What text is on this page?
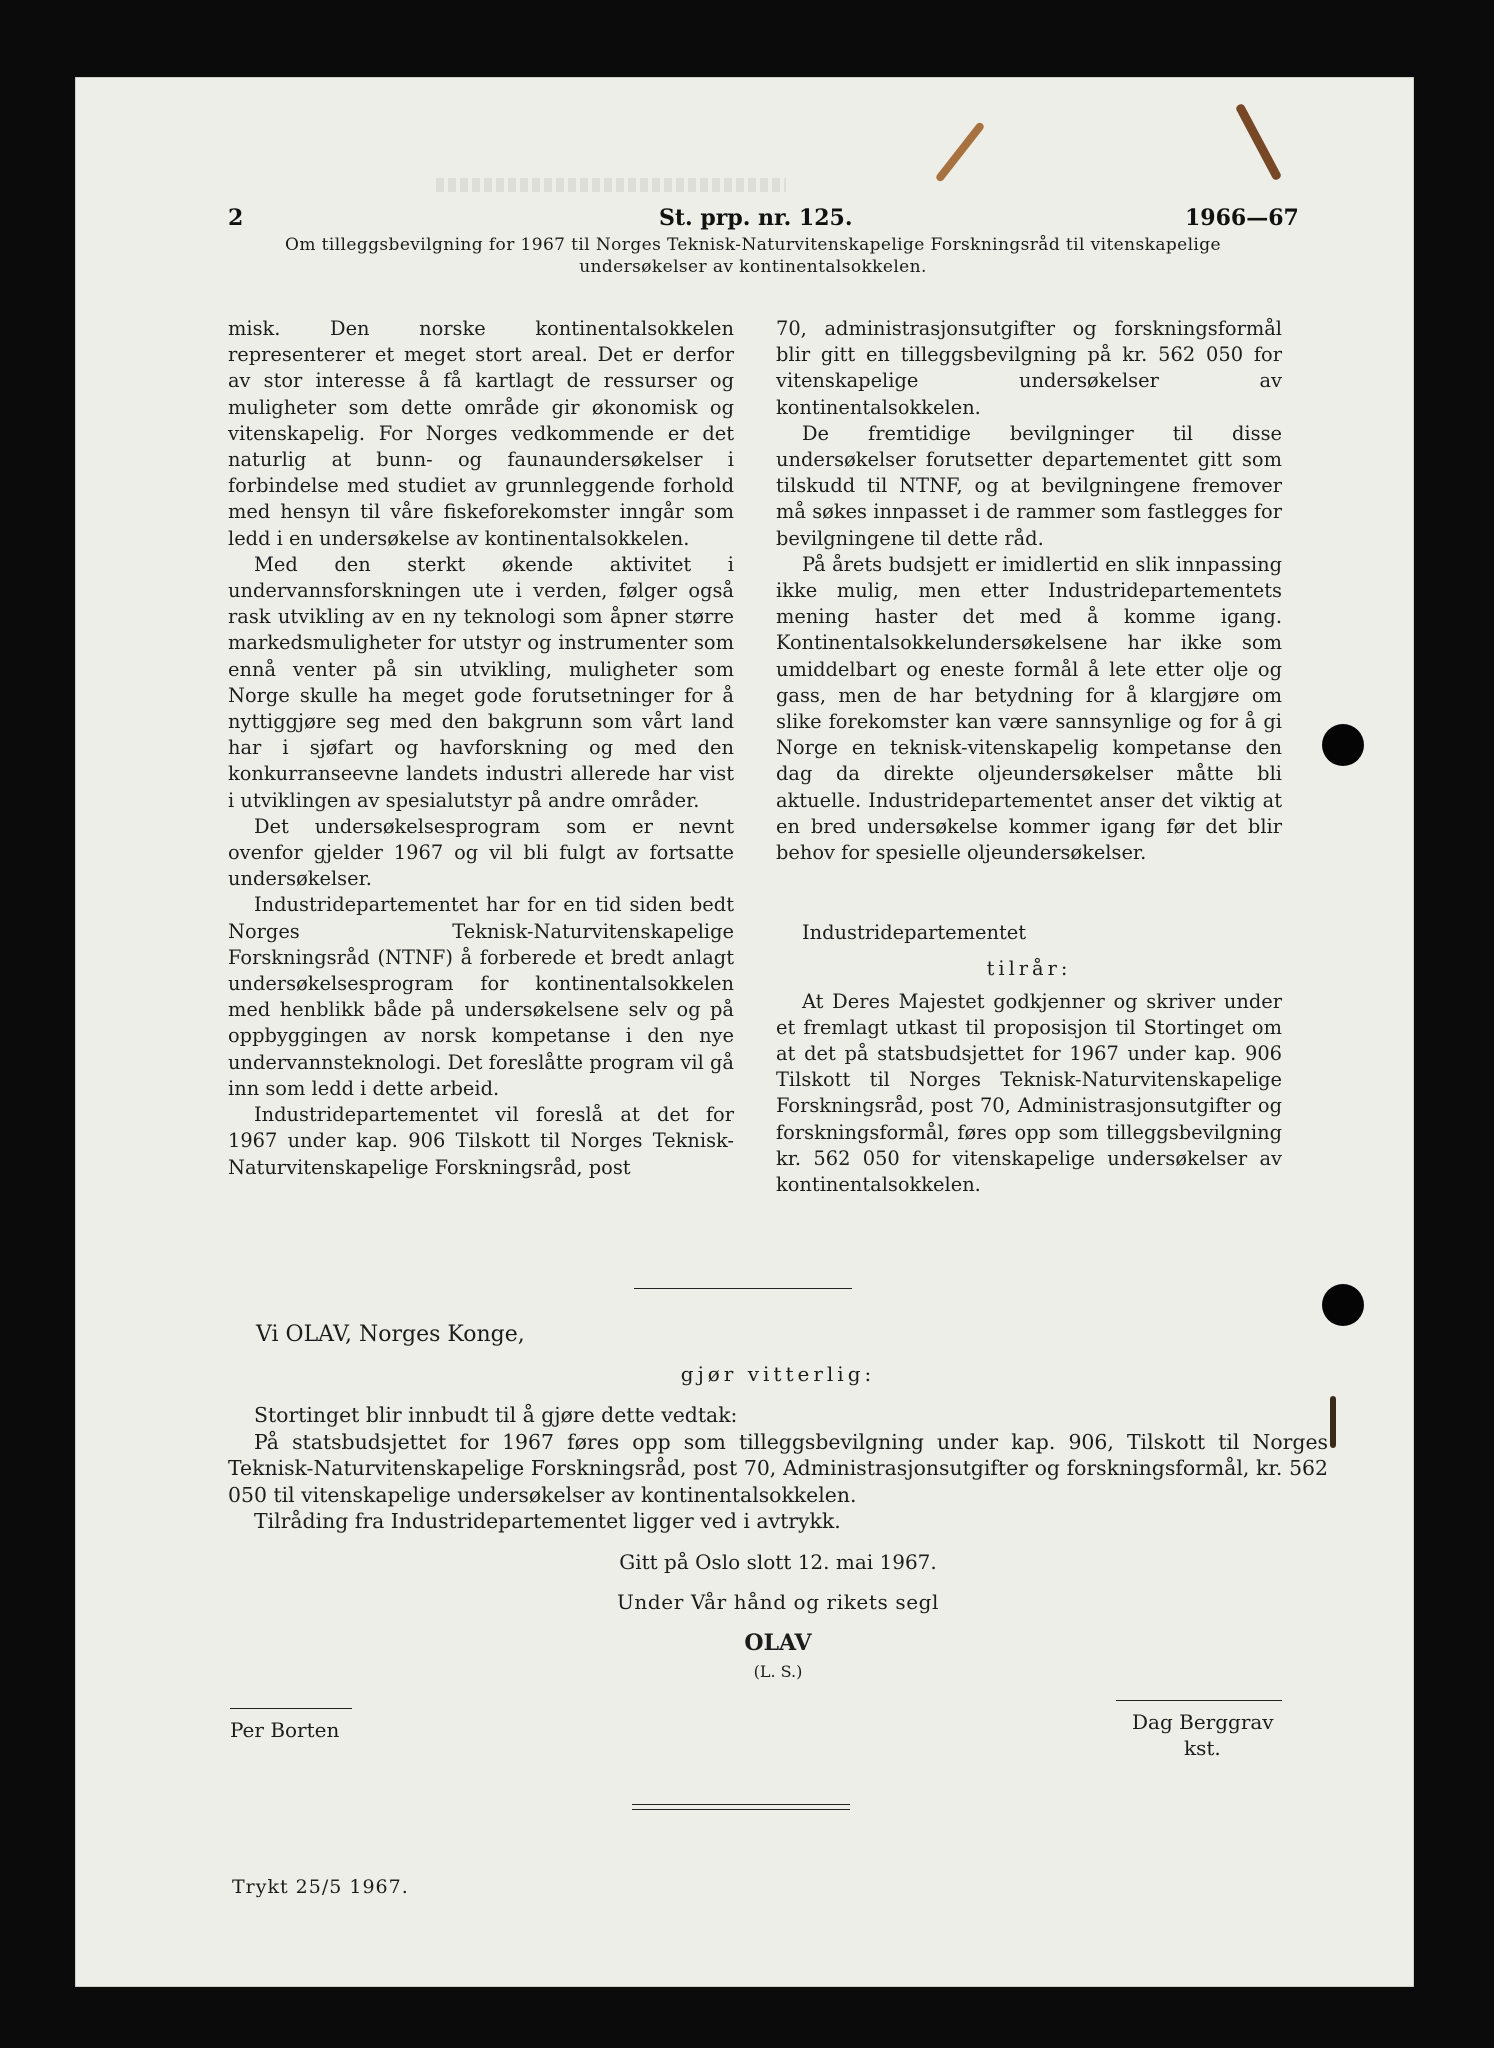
2	St. prp. nr. 125.	1966—67
Om tilleggsbevilgning for 1967 til Norges Teknisk-Naturvitenskapelige Forskningsråd til vitenskapelige
undersøkelser av kontinentalsokkelen.

misk. Den norske kontinentalsokkelen representerer et meget stort areal. Det er derfor av stor interesse å få kartlagt de ressurser og muligheter som dette område gir økonomisk og vitenskapelig. For Norges vedkommende er det naturlig at bunn- og faunaundersøkelser i forbindelse med studiet av grunnleggende forhold med hensyn til våre fiskeforekomster inngår som ledd i en undersøkelse av kontinentalsokkelen.

Med den sterkt økende aktivitet i undervannsforskningen ute i verden, følger også rask utvikling av en ny teknologi som åpner større markedsmuligheter for utstyr og instrumenter som ennå venter på sin utvikling, muligheter som Norge skulle ha meget gode forutsetninger for å nyttiggjøre seg med den bakgrunn som vårt land har i sjøfart og havforskning og med den konkurranseevne landets industri allerede har vist i utviklingen av spesialutstyr på andre områder.

Det undersøkelsesprogram som er nevnt ovenfor gjelder 1967 og vil bli fulgt av fortsatte undersøkelser.

Industridepartementet har for en tid siden bedt Norges Teknisk-Naturvitenskapelige Forskningsråd (NTNF) å forberede et bredt anlagt undersøkelsesprogram for kontinentalsokkelen med henblikk både på undersøkelsene selv og på oppbyggingen av norsk kompetanse i den nye undervannsteknologi. Det foreslåtte program vil gå inn som ledd i dette arbeid.

Industridepartementet vil foreslå at det for 1967 under kap. 906 Tilskott til Norges Teknisk-Naturvitenskapelige Forskningsråd, post

70, administrasjonsutgifter og forskningsformål blir gitt en tilleggsbevilgning på kr. 562 050 for vitenskapelige undersøkelser av kontinentalsokkelen.

De fremtidige bevilgninger til disse undersøkelser forutsetter departementet gitt som tilskudd til NTNF, og at bevilgningene fremover må søkes innpasset i de rammer som fastlegges for bevilgningene til dette råd.

På årets budsjett er imidlertid en slik innpassing ikke mulig, men etter Industridepartementets mening haster det med å komme igang. Kontinentalsokkelundersøkelsene har ikke som umiddelbart og eneste formål å lete etter olje og gass, men de har betydning for å klargjøre om slike forekomster kan være sannsynlige og for å gi Norge en teknisk-vitenskapelig kompetanse den dag da direkte oljeundersøkelser måtte bli aktuelle. Industridepartementet anser det viktig at en bred undersøkelse kommer igang før det blir behov for spesielle oljeundersøkelser.

Industridepartementet

tilrår:

At Deres Majestet godkjenner og skriver under et fremlagt utkast til proposisjon til Stortinget om at det på statsbudsjettet for 1967 under kap. 906 Tilskott til Norges Teknisk-Naturvitenskapelige Forskningsråd, post 70, Administrasjonsutgifter og forskningsformål, føres opp som tilleggsbevilgning kr. 562 050 for vitenskapelige undersøkelser av kontinentalsokkelen.

Vi OLAV, Norges Konge,
gjør vitterlig:
Stortinget blir innbudt til å gjøre dette vedtak:
På statsbudsjettet for 1967 føres opp som tilleggsbevilgning under kap. 906, Tilskott til Norges Teknisk-Naturvitenskapelige Forskningsråd, post 70, Administrasjonsutgifter og forskningsformål, kr. 562 050 til vitenskapelige undersøkelser av kontinentalsokkelen.
Tilråding fra Industridepartementet ligger ved i avtrykk.
Gitt på Oslo slott 12. mai 1967.
Under Vår hånd og rikets segl
OLAV
(L. S.)
Per Borten	Dag Berggrav
kst.
Trykt 25/5 1967.
